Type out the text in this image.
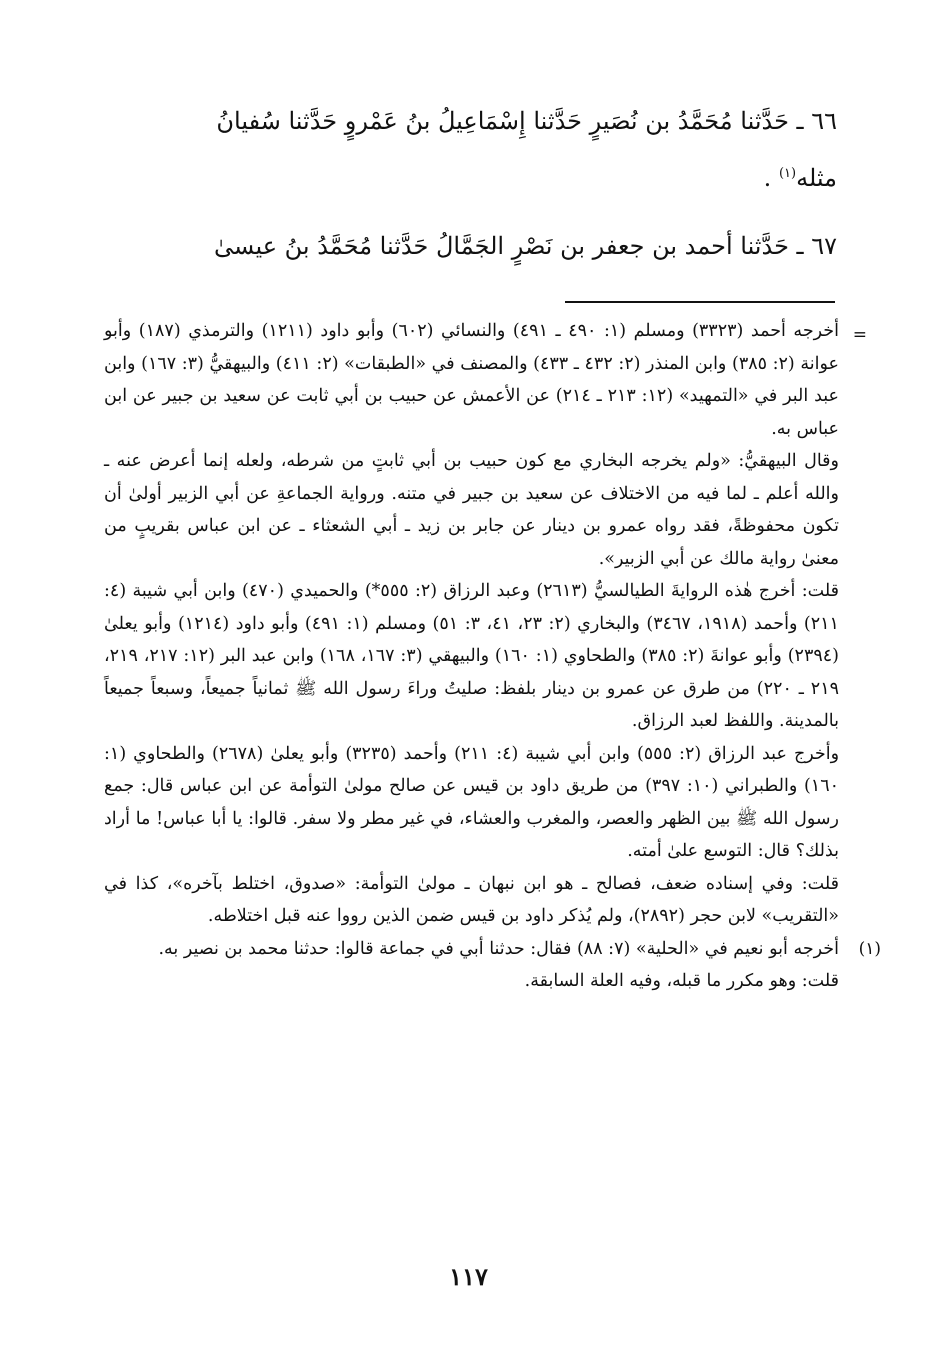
٦٦ ـ حَدَّثنا مُحَمَّدُ بن نُصَيرٍ حَدَّثنا إِسْمَاعِيلُ بنُ عَمْروٍ حَدَّثنا سُفيانُ
مثله$^{(١)}$ .
٦٧ ـ حَدَّثنا أحمد بن جعفر بن نَصْرٍ الجَمَّالُ حَدَّثنا مُحَمَّدُ بنُ عيسىٰ
=

أخرجه أحمد (٣٣٢٣) ومسلم (١: ٤٩٠ ـ ٤٩١) والنسائي (٦٠٢) وأبو داود (١٢١١) والترمذي (١٨٧) وأبو عوانة (٢: ٣٨٥) وابن المنذر (٢: ٤٣٢ ـ ٤٣٣) والمصنف في «الطبقات» (٢: ٤١١) والبيهقيُّ (٣: ١٦٧) وابن عبد البر في «التمهيد» (١٢: ٢١٣ ـ ٢١٤) عن الأعمش عن حبيب بن أبي ثابت عن سعيد بن جبير عن ابن عباس به.

وقال البيهقيُّ: «ولم يخرجه البخاري مع كون حبيب بن أبي ثابتٍ من شرطه، ولعله إنما أعرض عنه ـ والله أعلم ـ لما فيه من الاختلاف عن سعيد بن جبير في متنه. ورواية الجماعةِ عن أبي الزبير أولىٰ أن تكون محفوظةً، فقد رواه عمرو بن دينار عن جابر بن زيد ـ أبي الشعثاء ـ عن ابن عباس بقريبٍ من معنىٰ رواية مالك عن أبي الزبير».

قلت: أخرج هٰذه الروايةَ الطيالسيُّ (٢٦١٣) وعبد الرزاق (٢: ٥٥٥*) والحميدي (٤٧٠) وابن أبي شيبة (٤: ٢١١) وأحمد (١٩١٨، ٣٤٦٧) والبخاري (٢: ٢٣، ٤١، ٣: ٥١) ومسلم (١: ٤٩١) وأبو داود (١٢١٤) وأبو يعلىٰ (٢٣٩٤) وأبو عوانةَ (٢: ٣٨٥) والطحاوي (١: ١٦٠) والبيهقي (٣: ١٦٧، ١٦٨) وابن عبد البر (١٢: ٢١٧، ٢١٩، ٢١٩ ـ ٢٢٠) من طرق عن عمرو بن دينار بلفظ: صليتُ وراءَ رسول الله ﷺ ثمانياً جميعاً، وسبعاً جميعاً بالمدينة. واللفظ لعبد الرزاق.

وأخرج عبد الرزاق (٢: ٥٥٥) وابن أبي شيبة (٤: ٢١١) وأحمد (٣٢٣٥) وأبو يعلىٰ (٢٦٧٨) والطحاوي (١: ١٦٠) والطبراني (١٠: ٣٩٧) من طريق داود بن قيس عن صالح مولىٰ التوأمة عن ابن عباس قال: جمع رسول الله ﷺ بين الظهر والعصر، والمغرب والعشاء، في غير مطر ولا سفر. قالوا: يا أبا عباس! ما أراد بذلك؟ قال: التوسع علىٰ أمته.

قلت: وفي إسناده ضعف، فصالح ـ هو ابن نبهان ـ مولىٰ التوأمة: «صدوق، اختلط بآخره»، كذا في «التقريب» لابن حجر (٢٨٩٢)، ولم يُذكر داود بن قيس ضمن الذين رووا عنه قبل اختلاطه.

(١)

أخرجه أبو نعيم في «الحلية» (٧: ٨٨) فقال: حدثنا أبي في جماعة قالوا: حدثنا محمد بن نصير به.

قلت: وهو مكرر ما قبله، وفيه العلة السابقة.

١١٧
